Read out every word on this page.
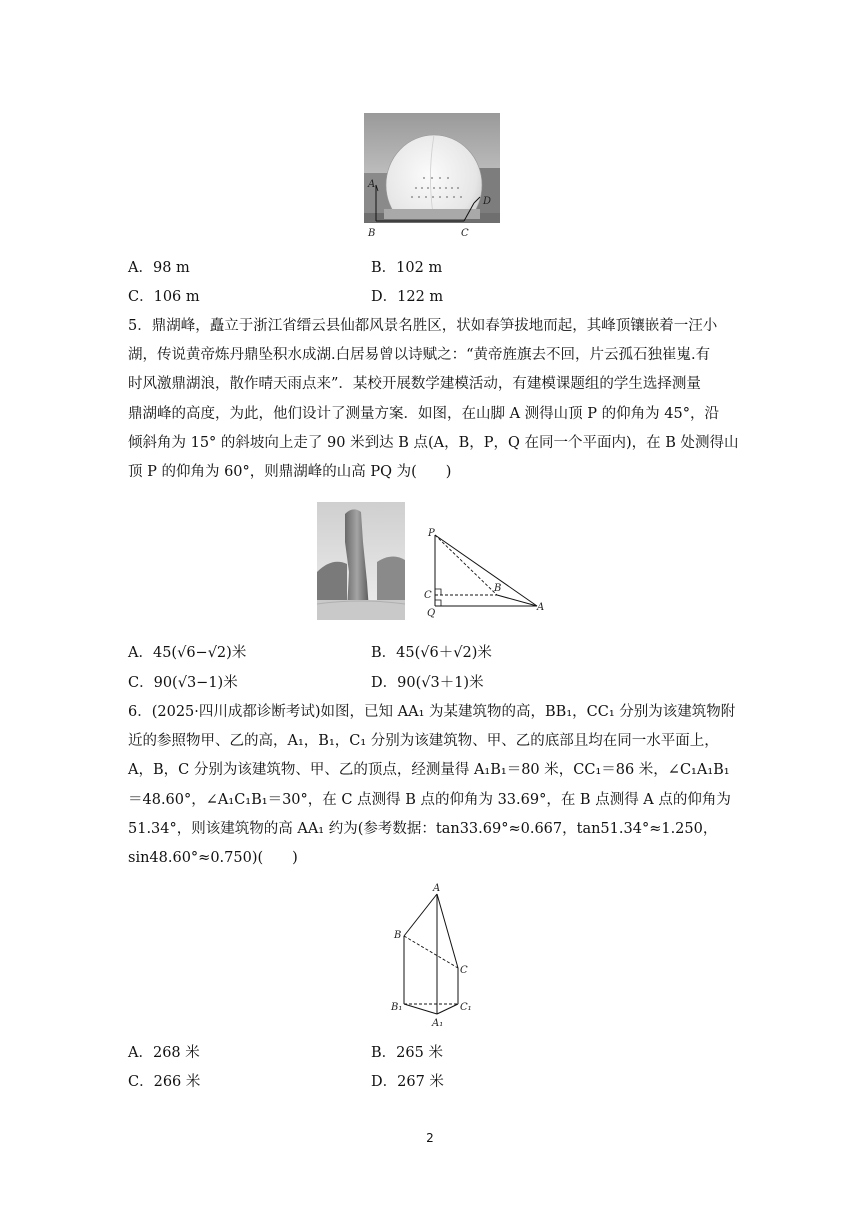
A
D
B	C
A．98 m	B．102 m
C．106 m	D．122 m
5．鼎湖峰，矗立于浙江省缙云县仙都风景名胜区，状如春笋拔地而起，其峰顶镶嵌着一汪小
湖，传说黄帝炼丹鼎坠积水成湖.白居易曾以诗赋之：“黄帝旌旗去不回，片云孤石独崔嵬.有
时风激鼎湖浪，散作晴天雨点来”．某校开展数学建模活动，有建模课题组的学生选择测量
鼎湖峰的高度，为此，他们设计了测量方案．如图，在山脚 A 测得山顶 P 的仰角为 45°，沿
倾斜角为 15° 的斜坡向上走了 90 米到达 B 点(A，B，P，Q 在同一个平面内)，在 B 处测得山
顶 P 的仰角为 60°，则鼎湖峰的山高 PQ 为(　　)
P
B
C
Q
A
A．45(√6−√2)米	B．45(√6＋√2)米
C．90(√3−1)米	D．90(√3＋1)米
6．(2025·四川成都诊断考试)如图，已知 AA₁ 为某建筑物的高，BB₁，CC₁ 分别为该建筑物附
近的参照物甲、乙的高，A₁，B₁，C₁ 分别为该建筑物、甲、乙的底部且均在同一水平面上，
A，B，C 分别为该建筑物、甲、乙的顶点，经测量得 A₁B₁＝80 米，CC₁＝86 米，∠C₁A₁B₁
＝48.60°，∠A₁C₁B₁＝30°，在 C 点测得 B 点的仰角为 33.69°，在 B 点测得 A 点的仰角为
51.34°，则该建筑物的高 AA₁ 约为(参考数据：tan33.69°≈0.667，tan51.34°≈1.250，
sin48.60°≈0.750)(　　)
A
B
C
B₁
A₁
C₁
A．268 米	B．265 米
C．266 米	D．267 米
2
